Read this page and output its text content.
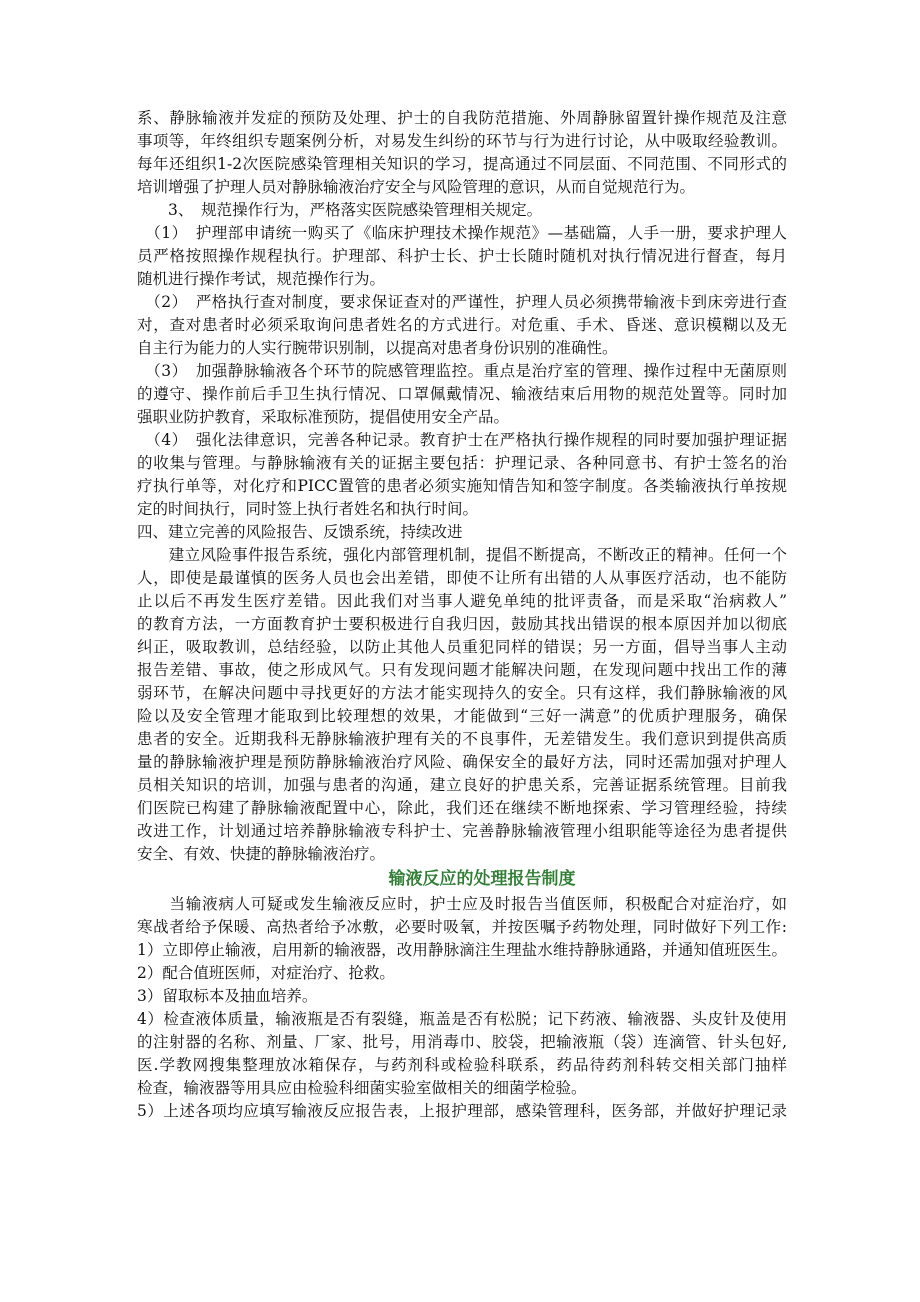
系、静脉输液并发症的预防及处理、护士的自我防范措施、外周静脉留置针操作规范及注意

事项等，年终组织专题案例分析，对易发生纠纷的环节与行为进行讨论，从中吸取经验教训。

每年还组织1-2次医院感染管理相关知识的学习，提高通过不同层面、不同范围、不同形式的

培训增强了护理人员对静脉输液治疗安全与风险管理的意识，从而自觉规范行为。

　　3、　规范操作行为，严格落实医院感染管理相关规定。

　（1）　护理部申请统一购买了《临床护理技术操作规范》—基础篇，人手一册，要求护理人

员严格按照操作规程执行。护理部、科护士长、护士长随时随机对执行情况进行督查，每月

随机进行操作考试，规范操作行为。

　（2）　严格执行查对制度，要求保证查对的严谨性，护理人员必须携带输液卡到床旁进行查

对，查对患者时必须采取询问患者姓名的方式进行。对危重、手术、昏迷、意识模糊以及无

自主行为能力的人实行腕带识别制，以提高对患者身份识别的准确性。

　（3）　加强静脉输液各个环节的院感管理监控。重点是治疗室的管理、操作过程中无菌原则

的遵守、操作前后手卫生执行情况、口罩佩戴情况、输液结束后用物的规范处置等。同时加

强职业防护教育，采取标准预防，提倡使用安全产品。

　（4）　强化法律意识，完善各种记录。教育护士在严格执行操作规程的同时要加强护理证据

的收集与管理。与静脉输液有关的证据主要包括：护理记录、各种同意书、有护士签名的治

疗执行单等，对化疗和PICC置管的患者必须实施知情告知和签字制度。各类输液执行单按规

定的时间执行，同时签上执行者姓名和执行时间。

四、建立完善的风险报告、反馈系统，持续改进

　　建立风险事件报告系统，强化内部管理机制，提倡不断提高，不断改正的精神。任何一个

人，即使是最谨慎的医务人员也会出差错，即使不让所有出错的人从事医疗活动，也不能防

止以后不再发生医疗差错。因此我们对当事人避免单纯的批评责备，而是采取“治病救人”

的教育方法，一方面教育护士要积极进行自我归因，鼓励其找出错误的根本原因并加以彻底

纠正，吸取教训，总结经验，以防止其他人员重犯同样的错误；另一方面，倡导当事人主动

报告差错、事故，使之形成风气。只有发现问题才能解决问题，在发现问题中找出工作的薄

弱环节，在解决问题中寻找更好的方法才能实现持久的安全。只有这样，我们静脉输液的风

险以及安全管理才能取到比较理想的效果，才能做到“三好一满意”的优质护理服务，确保

患者的安全。近期我科无静脉输液护理有关的不良事件，无差错发生。我们意识到提供高质

量的静脉输液护理是预防静脉输液治疗风险、确保安全的最好方法，同时还需加强对护理人

员相关知识的培训，加强与患者的沟通，建立良好的护患关系，完善证据系统管理。目前我

们医院已构建了静脉输液配置中心，除此，我们还在继续不断地探索、学习管理经验，持续

改进工作，计划通过培养静脉输液专科护士、完善静脉输液管理小组职能等途径为患者提供

安全、有效、快捷的静脉输液治疗。

输液反应的处理报告制度

　　当输液病人可疑或发生输液反应时，护士应及时报告当值医师，积极配合对症治疗，如

寒战者给予保暖、高热者给予冰敷，必要时吸氧，并按医嘱予药物处理，同时做好下列工作:

1）立即停止输液，启用新的输液器，改用静脉滴注生理盐水维持静脉通路，并通知值班医生。

2）配合值班医师，对症治疗、抢救。

3）留取标本及抽血培养。

4）检查液体质量，输液瓶是否有裂缝，瓶盖是否有松脱；记下药液、输液器、头皮针及使用

的注射器的名称、剂量、厂家、批号，用消毒巾、胶袋，把输液瓶（袋）连滴管、针头包好,

医.学教网搜集整理放冰箱保存，与药剂科或检验科联系，药品待药剂科转交相关部门抽样

检查，输液器等用具应由检验科细菌实验室做相关的细菌学检验。

5）上述各项均应填写输液反应报告表，上报护理部，感染管理科，医务部，并做好护理记录
